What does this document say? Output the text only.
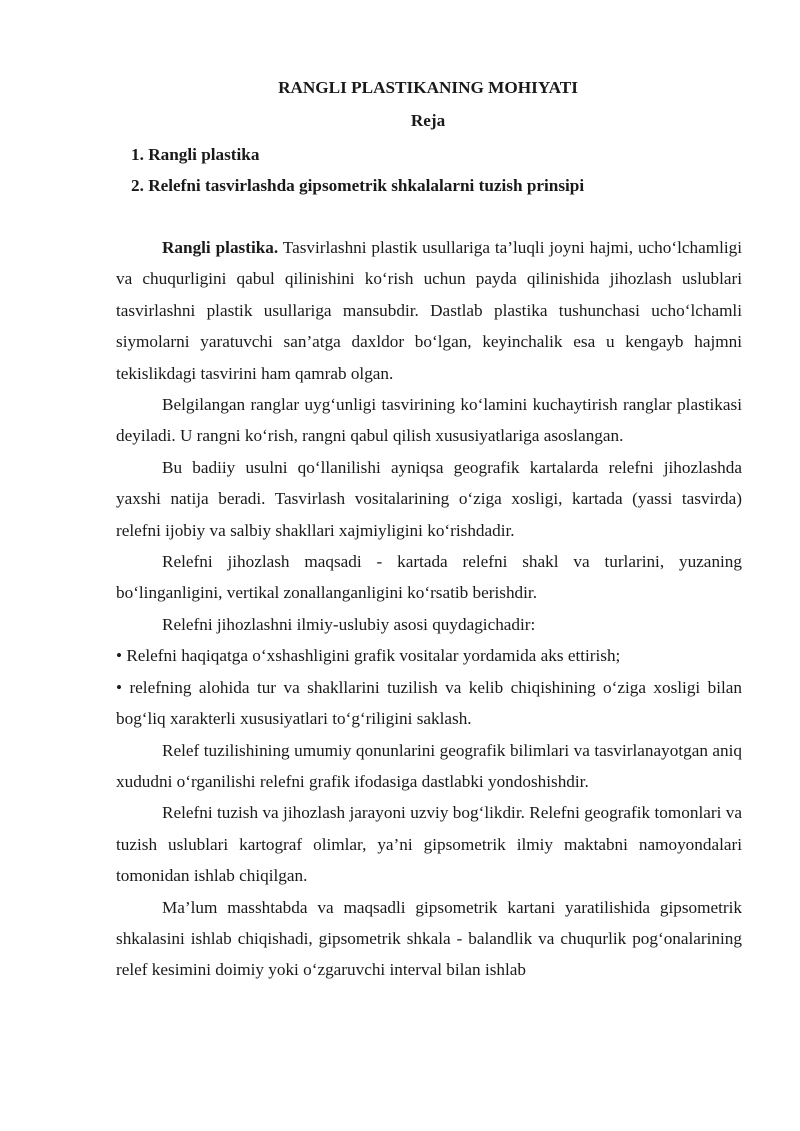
RANGLI PLASTIKANING MOHIYATI
Reja
1. Rangli plastika
2. Relefni tasvirlashda gipsometrik shkalalarni tuzish prinsipi

Rangli plastika. Tasvirlashni plastik usullariga ta’luqli joyni hajmi, ucho‘lchamligi va chuqurligini qabul qilinishini ko‘rish uchun payda qilinishida jihozlash uslublari tasvirlashni plastik usullariga mansubdir. Dastlab plastika tushunchasi ucho‘lchamli siymolarni yaratuvchi san’atga daxldor bo‘lgan, keyinchalik esa u kengayb hajmni tekislikdagi tasvirini ham qamrab olgan.

Belgilangan ranglar uyg‘unligi tasvirining ko‘lamini kuchaytirish ranglar plastikasi deyiladi. U rangni ko‘rish, rangni qabul qilish xususiyatlariga asoslangan.

Bu badiiy usulni qo‘llanilishi ayniqsa geografik kartalarda relefni jihozlashda yaxshi natija beradi. Tasvirlash vositalarining o‘ziga xosligi, kartada (yassi tasvirda) relefni ijobiy va salbiy shakllari xajmiyligini ko‘rishdadir.

Relefni jihozlash maqsadi - kartada relefni shakl va turlarini, yuzaning bo‘linganligini, vertikal zonallanganligini ko‘rsatib berishdir.

Relefni jihozlashni ilmiy-uslubiy asosi quydagichadir:

• Relefni haqiqatga o‘xshashligini grafik vositalar yordamida aks ettirish;

• relefning alohida tur va shakllarini tuzilish va kelib chiqishining o‘ziga xosligi bilan bog‘liq xarakterli xususiyatlari to‘g‘riligini saklash.

Relef tuzilishining umumiy qonunlarini geografik bilimlari va tasvirlanayotgan aniq xududni o‘rganilishi relefni grafik ifodasiga dastlabki yondoshishdir.

Relefni tuzish va jihozlash jarayoni uzviy bog‘likdir. Relefni geografik tomonlari va tuzish uslublari kartograf olimlar, ya’ni gipsometrik ilmiy maktabni namoyondalari tomonidan ishlab chiqilgan.

Ma’lum masshtabda va maqsadli gipsometrik kartani yaratilishida gipsometrik shkalasini ishlab chiqishadi, gipsometrik shkala - balandlik va chuqurlik pog‘onalarining relef kesimini doimiy yoki o‘zgaruvchi interval bilan ishlab
